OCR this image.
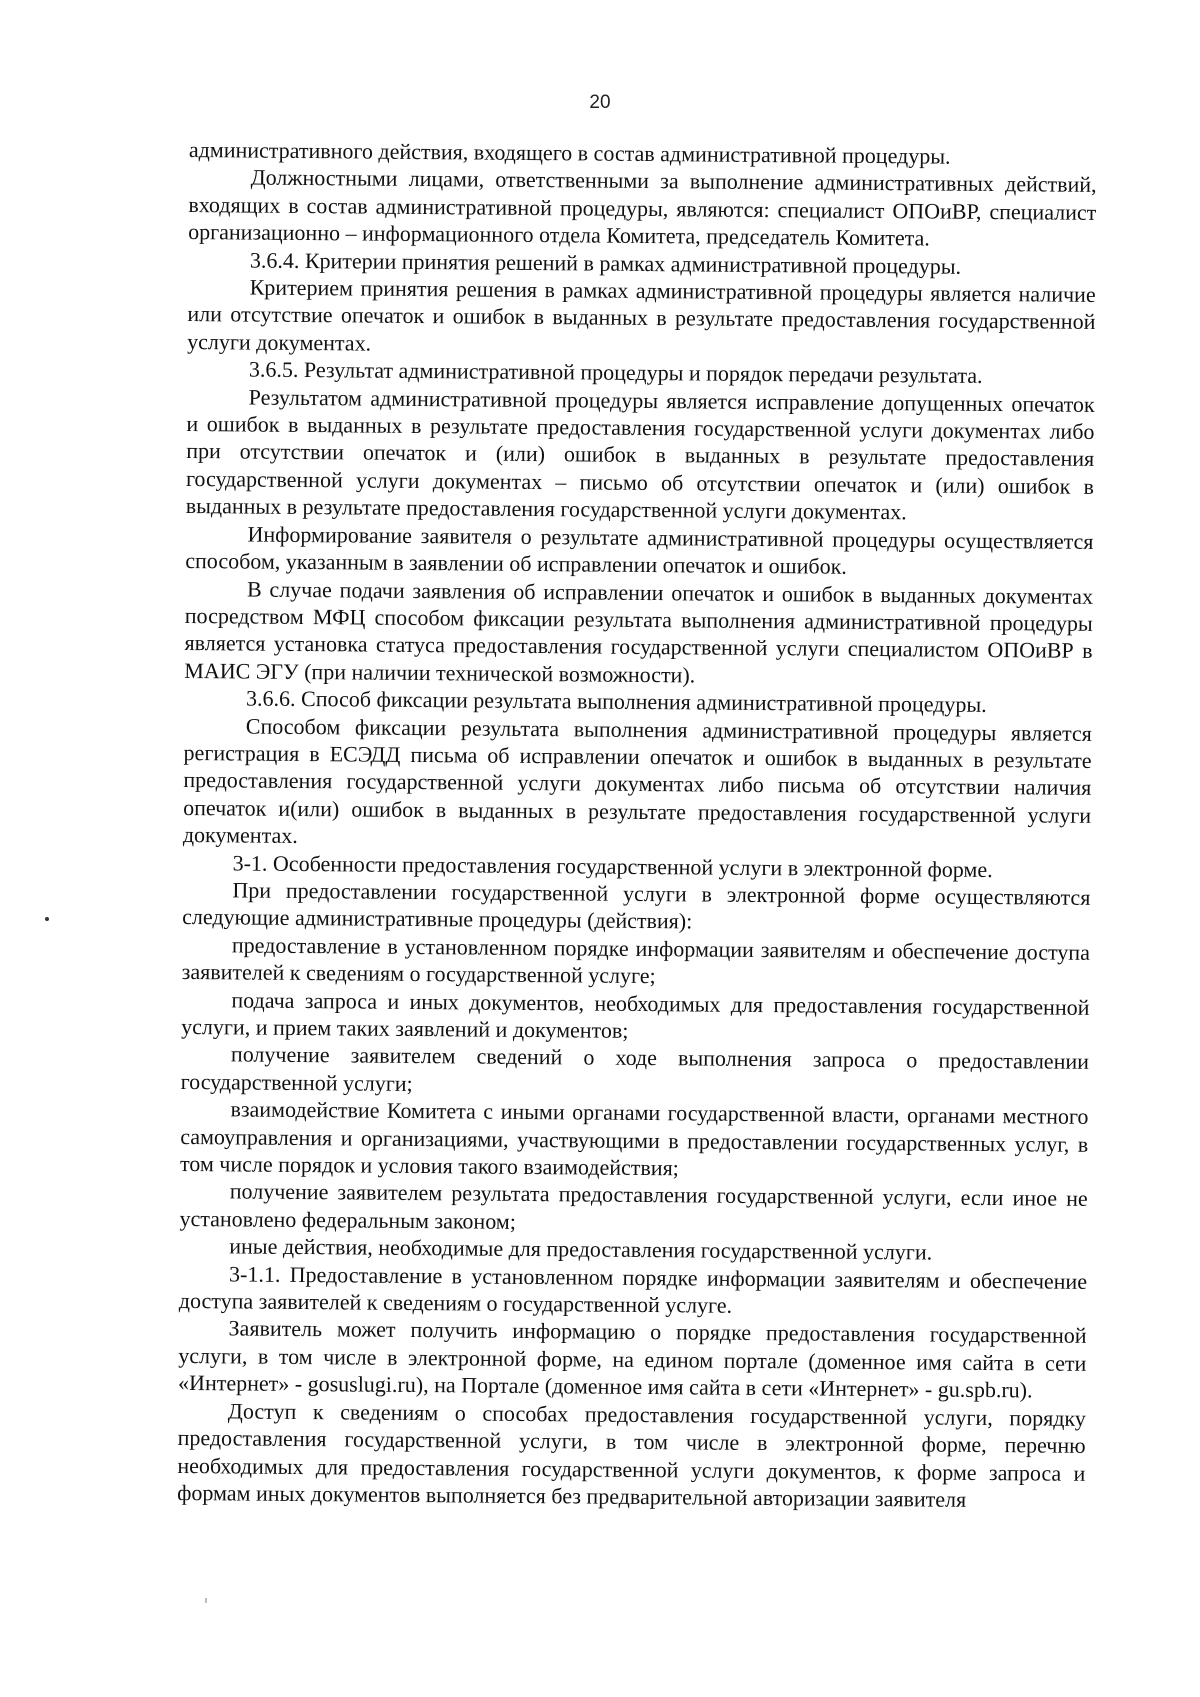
20

административного действия, входящего в состав административной процедуры.

Должностными лицами, ответственными за выполнение административных действий, входящих в состав административной процедуры, являются: специалист ОПОиВР, специалист организационно – информационного отдела Комитета, председатель Комитета.

3.6.4. Критерии принятия решений в рамках административной процедуры.

Критерием принятия решения в рамках административной процедуры является наличие или отсутствие опечаток и ошибок в выданных в результате предоставления государственной услуги документах.

3.6.5. Результат административной процедуры и порядок передачи результата.

Результатом административной процедуры является исправление допущенных опечаток и ошибок в выданных в результате предоставления государственной услуги документах либо при отсутствии опечаток и (или) ошибок в выданных в результате предоставления государственной услуги документах – письмо об отсутствии опечаток и (или) ошибок в выданных в результате предоставления государственной услуги документах.

Информирование заявителя о результате административной процедуры осуществляется способом, указанным в заявлении об исправлении опечаток и ошибок.

В случае подачи заявления об исправлении опечаток и ошибок в выданных документах посредством МФЦ способом фиксации результата выполнения административной процедуры является установка статуса предоставления государственной услуги специалистом ОПОиВР в МАИС ЭГУ (при наличии технической возможности).

3.6.6. Способ фиксации результата выполнения административной процедуры.

Способом фиксации результата выполнения административной процедуры является регистрация в ЕСЭДД письма об исправлении опечаток и ошибок в выданных в результате предоставления государственной услуги документах либо письма об отсутствии наличия опечаток и(или) ошибок в выданных в результате предоставления государственной услуги документах.

3-1. Особенности предоставления государственной услуги в электронной форме.

При предоставлении государственной услуги в электронной форме осуществляются следующие административные процедуры (действия):

предоставление в установленном порядке информации заявителям и обеспечение доступа заявителей к сведениям о государственной услуге;

подача запроса и иных документов, необходимых для предоставления государственной услуги, и прием таких заявлений и документов;

получение заявителем сведений о ходе выполнения запроса о предоставлении государственной услуги;

взаимодействие Комитета с иными органами государственной власти, органами местного самоуправления и организациями, участвующими в предоставлении государственных услуг, в том числе порядок и условия такого взаимодействия;

получение заявителем результата предоставления государственной услуги, если иное не установлено федеральным законом;

иные действия, необходимые для предоставления государственной услуги.

3-1.1. Предоставление в установленном порядке информации заявителям и обеспечение доступа заявителей к сведениям о государственной услуге.

Заявитель может получить информацию о порядке предоставления государственной услуги, в том числе в электронной форме, на едином портале (доменное имя сайта в сети «Интернет» - gosuslugi.ru), на Портале (доменное имя сайта в сети «Интернет» - gu.spb.ru).

Доступ к сведениям о способах предоставления государственной услуги, порядку предоставления государственной услуги, в том числе в электронной форме, перечню необходимых для предоставления государственной услуги документов, к форме запроса и формам иных документов выполняется без предварительной авторизации заявителя
